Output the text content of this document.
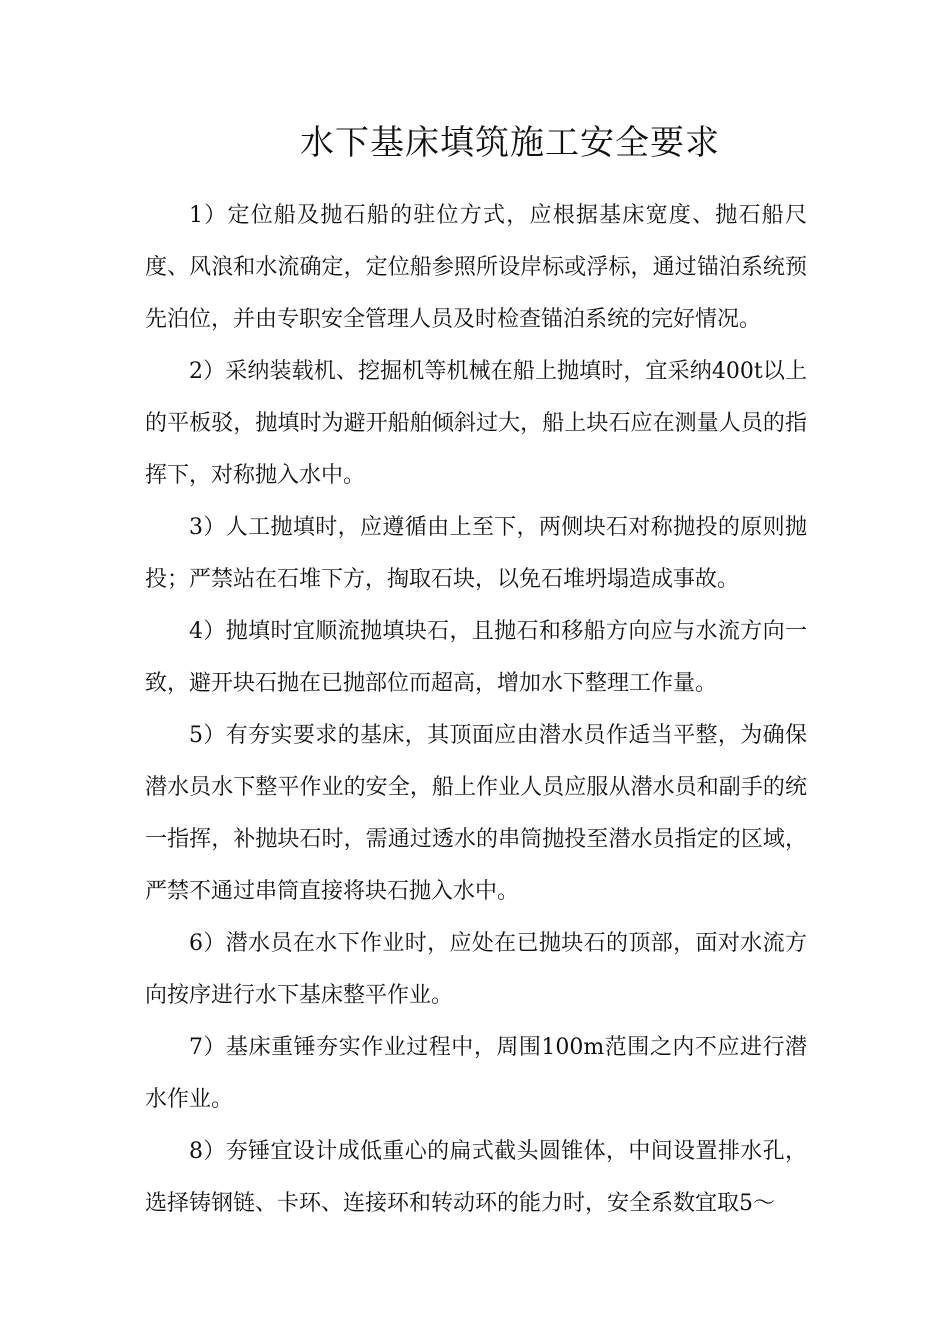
水下基床填筑施工安全要求

1）定位船及抛石船的驻位方式，应根据基床宽度、抛石船尺度、风浪和水流确定，定位船参照所设岸标或浮标，通过锚泊系统预先泊位，并由专职安全管理人员及时检查锚泊系统的完好情况。

2）采纳装载机、挖掘机等机械在船上抛填时，宜采纳400t以上的平板驳，抛填时为避开船舶倾斜过大，船上块石应在测量人员的指挥下，对称抛入水中。

3）人工抛填时，应遵循由上至下，两侧块石对称抛投的原则抛投；严禁站在石堆下方，掏取石块，以免石堆坍塌造成事故。

4）抛填时宜顺流抛填块石，且抛石和移船方向应与水流方向一致，避开块石抛在已抛部位而超高，增加水下整理工作量。

5）有夯实要求的基床，其顶面应由潜水员作适当平整，为确保潜水员水下整平作业的安全，船上作业人员应服从潜水员和副手的统一指挥，补抛块石时，需通过透水的串筒抛投至潜水员指定的区域，严禁不通过串筒直接将块石抛入水中。

6）潜水员在水下作业时，应处在已抛块石的顶部，面对水流方向按序进行水下基床整平作业。

7）基床重锤夯实作业过程中，周围100m范围之内不应进行潜水作业。

8）夯锤宜设计成低重心的扁式截头圆锥体，中间设置排水孔，选择铸钢链、卡环、连接环和转动环的能力时，安全系数宜取5～
